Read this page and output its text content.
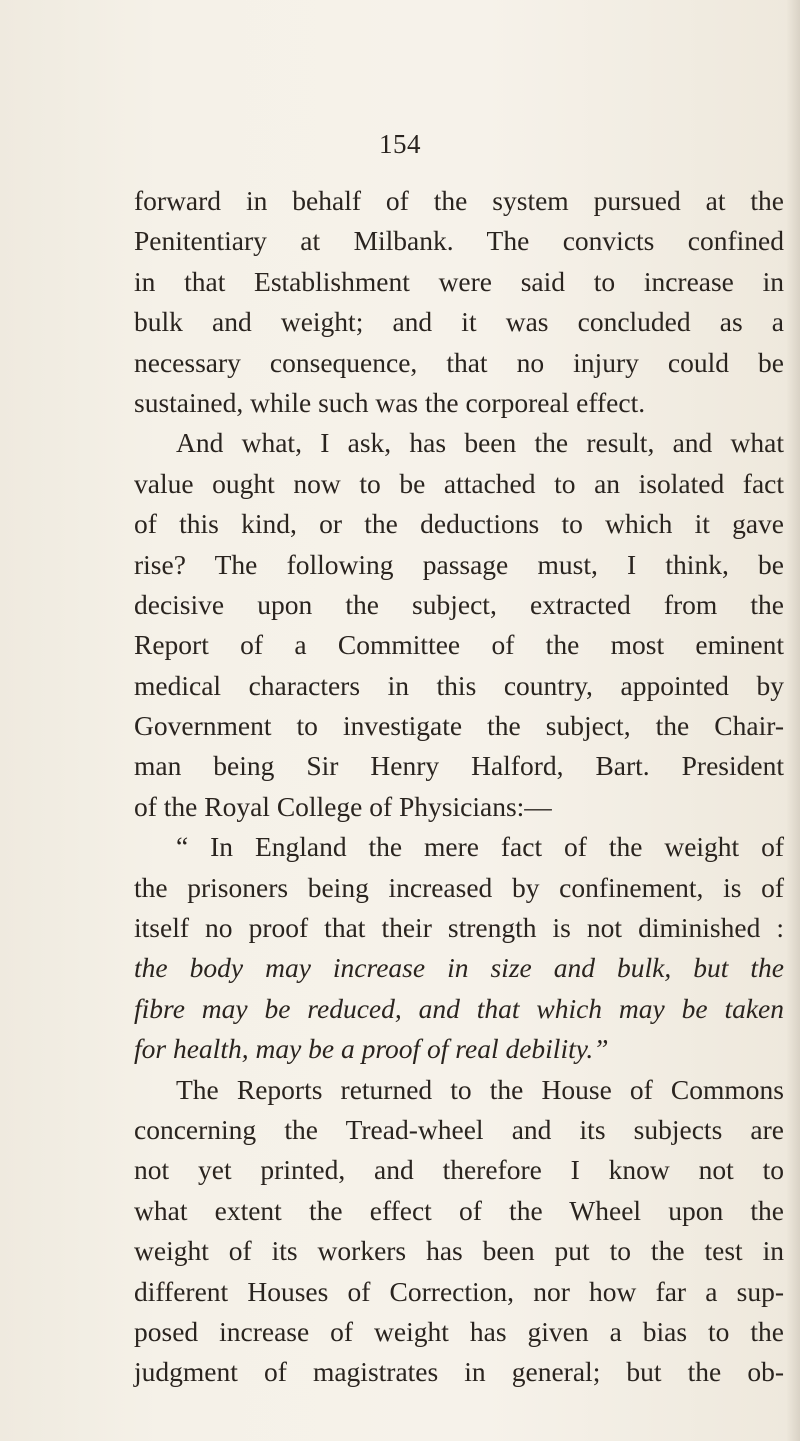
154
forward in behalf of the system pursued at the
Penitentiary at Milbank. The convicts confined
in that Establishment were said to increase in
bulk and weight; and it was concluded as a
necessary consequence, that no injury could be
sustained, while such was the corporeal effect.
And what, I ask, has been the result, and what
value ought now to be attached to an isolated fact
of this kind, or the deductions to which it gave
rise? The following passage must, I think, be
decisive upon the subject, extracted from the
Report of a Committee of the most eminent
medical characters in this country, appointed by
Government to investigate the subject, the Chair-
man being Sir Henry Halford, Bart. President
of the Royal College of Physicians:—
“ In England the mere fact of the weight of
the prisoners being increased by confinement, is of
itself no proof that their strength is not diminished :
the body may increase in size and bulk, but the
fibre may be reduced, and that which may be taken
for health, may be a proof of real debility.”
The Reports returned to the House of Commons
concerning the Tread-wheel and its subjects are
not yet printed, and therefore I know not to
what extent the effect of the Wheel upon the
weight of its workers has been put to the test in
different Houses of Correction, nor how far a sup-
posed increase of weight has given a bias to the
judgment of magistrates in general; but the ob-
